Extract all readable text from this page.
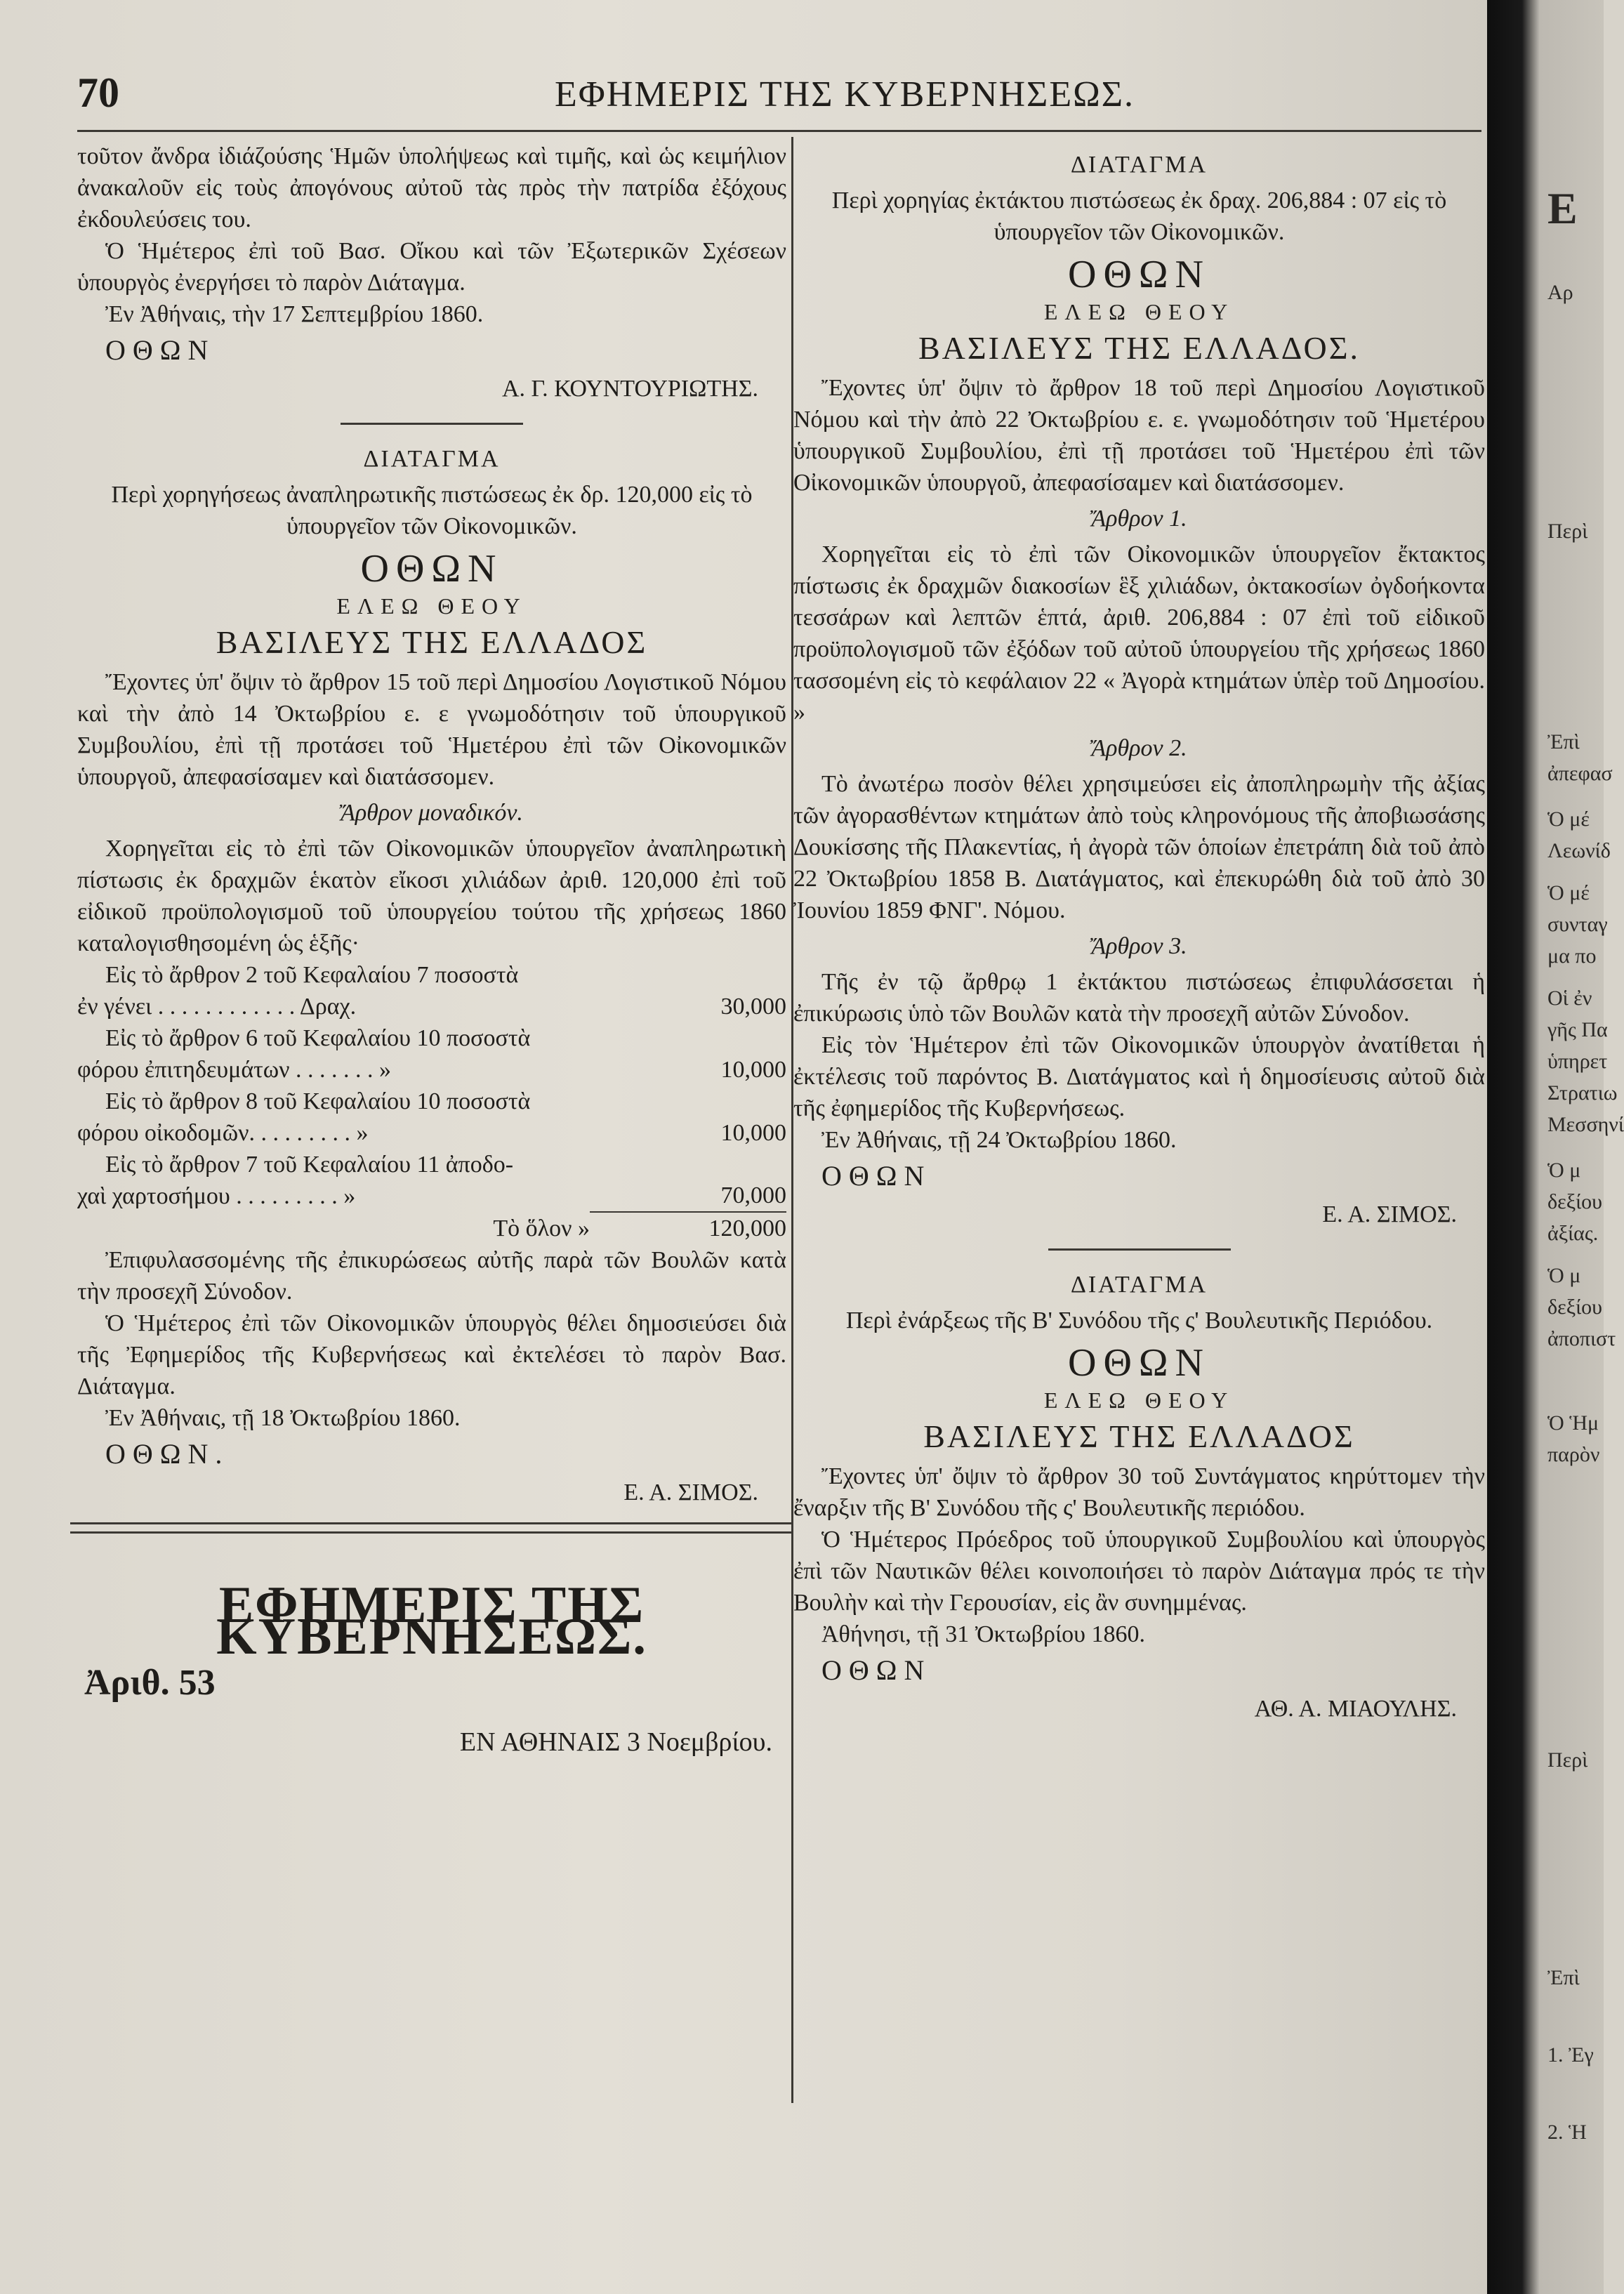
70	ΕΦΗΜΕΡΙΣ ΤΗΣ ΚΥΒΕΡΝΗΣΕΩΣ.

τοῦτον ἄνδρα ἰδιάζούσης Ἡμῶν ὑπολήψεως καὶ τιμῆς, καὶ ὡς κειμήλιον ἀνακαλοῦν εἰς τοὺς ἀπογόνους αὐτοῦ τὰς πρὸς τὴν πατρίδα ἐξόχους ἐκδουλεύσεις του.

Ὁ Ἡμέτερος ἐπὶ τοῦ Βασ. Οἴκου καὶ τῶν Ἐξωτερικῶν Σχέσεων ὑπουργὸς ἐνεργήσει τὸ παρὸν Διάταγμα.

Ἐν Ἀθήναις, τὴν 17 Σεπτεμβρίου 1860.

ΟΘΩΝ
Α. Γ. ΚΟΥΝΤΟΥΡΙΩΤΗΣ.
ΔΙΑΤΑΓΜΑ

Περὶ χορηγήσεως ἀναπληρωτικῆς πιστώσεως ἐκ δρ. 120,000 εἰς τὸ ὑπουργεῖον τῶν Οἰκονομικῶν.

ΟΘΩΝ
ΕΛΕΩ ΘΕΟΥ
ΒΑΣΙΛΕΥΣ ΤΗΣ ΕΛΛΑΔΟΣ

Ἔχοντες ὑπ' ὄψιν τὸ ἄρθρον 15 τοῦ περὶ Δημοσίου Λογιστικοῦ Νόμου καὶ τὴν ἀπὸ 14 Ὀκτωβρίου ε. ε γνωμοδότησιν τοῦ ὑπουργικοῦ Συμβουλίου, ἐπὶ τῇ προτάσει τοῦ Ἡμετέρου ἐπὶ τῶν Οἰκονομικῶν ὑπουργοῦ, ἀπεφασίσαμεν καὶ διατάσσομεν.

Ἄρθρον μοναδικόν.

Χορηγεῖται εἰς τὸ ἐπὶ τῶν Οἰκονομικῶν ὑπουργεῖον ἀναπληρωτικὴ πίστωσις ἐκ δραχμῶν ἑκατὸν εἴκοσι χιλιάδων ἀριθ. 120,000 ἐπὶ τοῦ εἰδικοῦ προϋπολογισμοῦ τοῦ ὑπουργείου τούτου τῆς χρήσεως 1860 καταλογισθησομένη ὡς ἑξῆς·

Εἰς τὸ ἄρθρον 2 τοῦ Κεφαλαίου 7 ποσοστὰ
ἐν γένει . . . . . . . . . . . . Δραχ.	30,000

Εἰς τὸ ἄρθρον 6 τοῦ Κεφαλαίου 10 ποσοστὰ
φόρου ἐπιτηδευμάτων . . . . . . . »	10,000

Εἰς τὸ ἄρθρον 8 τοῦ Κεφαλαίου 10 ποσοστὰ
φόρου οἰκοδομῶν. . . . . . . . . »	10,000

Εἰς τὸ ἄρθρον 7 τοῦ Κεφαλαίου 11 ἀποδο-
χαὶ χαρτοσήμου . . . . . . . . . »	70,000
Τὸ ὅλον »	120,000

Ἐπιφυλασσομένης τῆς ἐπικυρώσεως αὐτῆς παρὰ τῶν Βουλῶν κατὰ τὴν προσεχῆ Σύνοδον.

Ὁ Ἡμέτερος ἐπὶ τῶν Οἰκονομικῶν ὑπουργὸς θέλει δημοσιεύσει διὰ τῆς Ἐφημερίδος τῆς Κυβερνήσεως καὶ ἐκτελέσει τὸ παρὸν Βασ. Διάταγμα.

Ἐν Ἀθήναις, τῇ 18 Ὀκτωβρίου 1860.

ΟΘΩΝ.
Ε. Α. ΣΙΜΟΣ.
ΕΦΗΜΕΡΙΣ ΤΗΣ ΚΥΒΕΡΝΗΣΕΩΣ.
Ἀριθ. 53
ΕΝ ΑΘΗΝΑΙΣ 3 Νοεμβρίου.
ΔΙΑΤΑΓΜΑ

Περὶ χορηγίας ἐκτάκτου πιστώσεως ἐκ δραχ. 206,884 : 07 εἰς τὸ ὑπουργεῖον τῶν Οἰκονομικῶν.

ΟΘΩΝ
ΕΛΕΩ ΘΕΟΥ
ΒΑΣΙΛΕΥΣ ΤΗΣ ΕΛΛΑΔΟΣ.

Ἔχοντες ὑπ' ὄψιν τὸ ἄρθρον 18 τοῦ περὶ Δημοσίου Λογιστικοῦ Νόμου καὶ τὴν ἀπὸ 22 Ὀκτωβρίου ε. ε. γνωμοδότησιν τοῦ Ἡμετέρου ὑπουργικοῦ Συμβουλίου, ἐπὶ τῇ προτάσει τοῦ Ἡμετέρου ἐπὶ τῶν Οἰκονομικῶν ὑπουργοῦ, ἀπεφασίσαμεν καὶ διατάσσομεν.

Ἄρθρον 1.

Χορηγεῖται εἰς τὸ ἐπὶ τῶν Οἰκονομικῶν ὑπουργεῖον ἔκτακτος πίστωσις ἐκ δραχμῶν διακοσίων ἓξ χιλιάδων, ὀκτακοσίων ὀγδοήκοντα τεσσάρων καὶ λεπτῶν ἑπτά, ἀριθ. 206,884 : 07 ἐπὶ τοῦ εἰδικοῦ προϋπολογισμοῦ τῶν ἐξόδων τοῦ αὐτοῦ ὑπουργείου τῆς χρήσεως 1860 τασσομένη εἰς τὸ κεφάλαιον 22 « Ἀγορὰ κτημάτων ὑπὲρ τοῦ Δημοσίου. »

Ἄρθρον 2.

Τὸ ἀνωτέρω ποσὸν θέλει χρησιμεύσει εἰς ἀποπληρωμὴν τῆς ἀξίας τῶν ἀγορασθέντων κτημάτων ἀπὸ τοὺς κληρονόμους τῆς ἀποβιωσάσης Δουκίσσης τῆς Πλακεντίας, ἡ ἀγορὰ τῶν ὁποίων ἐπετράπη διὰ τοῦ ἀπὸ 22 Ὀκτωβρίου 1858 Β. Διατάγματος, καὶ ἐπεκυρώθη διὰ τοῦ ἀπὸ 30 Ἰουνίου 1859 ΦΝΓ'. Νόμου.

Ἄρθρον 3.

Τῆς ἐν τῷ ἄρθρῳ 1 ἐκτάκτου πιστώσεως ἐπιφυλάσσεται ἡ ἐπικύρωσις ὑπὸ τῶν Βουλῶν κατὰ τὴν προσεχῆ αὐτῶν Σύνοδον.

Εἰς τὸν Ἡμέτερον ἐπὶ τῶν Οἰκονομικῶν ὑπουργὸν ἀνατίθεται ἡ ἐκτέλεσις τοῦ παρόντος Β. Διατάγματος καὶ ἡ δημοσίευσις αὐτοῦ διὰ τῆς ἐφημερίδος τῆς Κυβερνήσεως.

Ἐν Ἀθήναις, τῇ 24 Ὀκτωβρίου 1860.

ΟΘΩΝ
Ε. Α. ΣΙΜΟΣ.
ΔΙΑΤΑΓΜΑ

Περὶ ἐνάρξεως τῆς Β' Συνόδου τῆς ς' Βουλευτικῆς Περιόδου.

ΟΘΩΝ
ΕΛΕΩ ΘΕΟΥ
ΒΑΣΙΛΕΥΣ ΤΗΣ ΕΛΛΑΔΟΣ

Ἔχοντες ὑπ' ὄψιν τὸ ἄρθρον 30 τοῦ Συντάγματος κηρύττομεν τὴν ἔναρξιν τῆς Β' Συνόδου τῆς ς' Βουλευτικῆς περιόδου.

Ὁ Ἡμέτερος Πρόεδρος τοῦ ὑπουργικοῦ Συμβουλίου καὶ ὑπουργὸς ἐπὶ τῶν Ναυτικῶν θέλει κοινοποιήσει τὸ παρὸν Διάταγμα πρός τε τὴν Βουλὴν καὶ τὴν Γερουσίαν, εἰς ἂν συνημμένας.

Ἀθήνησι, τῇ 31 Ὀκτωβρίου 1860.

ΟΘΩΝ
ΑΘ. Α. ΜΙΑΟΥΛΗΣ.
Ε
Αρ
Περὶ
Ἐπὶ
ἀπεφασ
Ὁ μέ
Λεωνίδ
Ὁ μέ
συνταγ
μα πο
Οἱ ἐν
γῆς Πα
ὑπηρετ
Στρατιω
Μεσσηνί
Ὁ μ
δεξίου
ἀξίας.
Ὁ μ
δεξίου
ἀποπιστ
Ὁ Ἡμ
παρὸν
Περὶ
Ἐπὶ
1. Ἐγ
2. Ἡ
